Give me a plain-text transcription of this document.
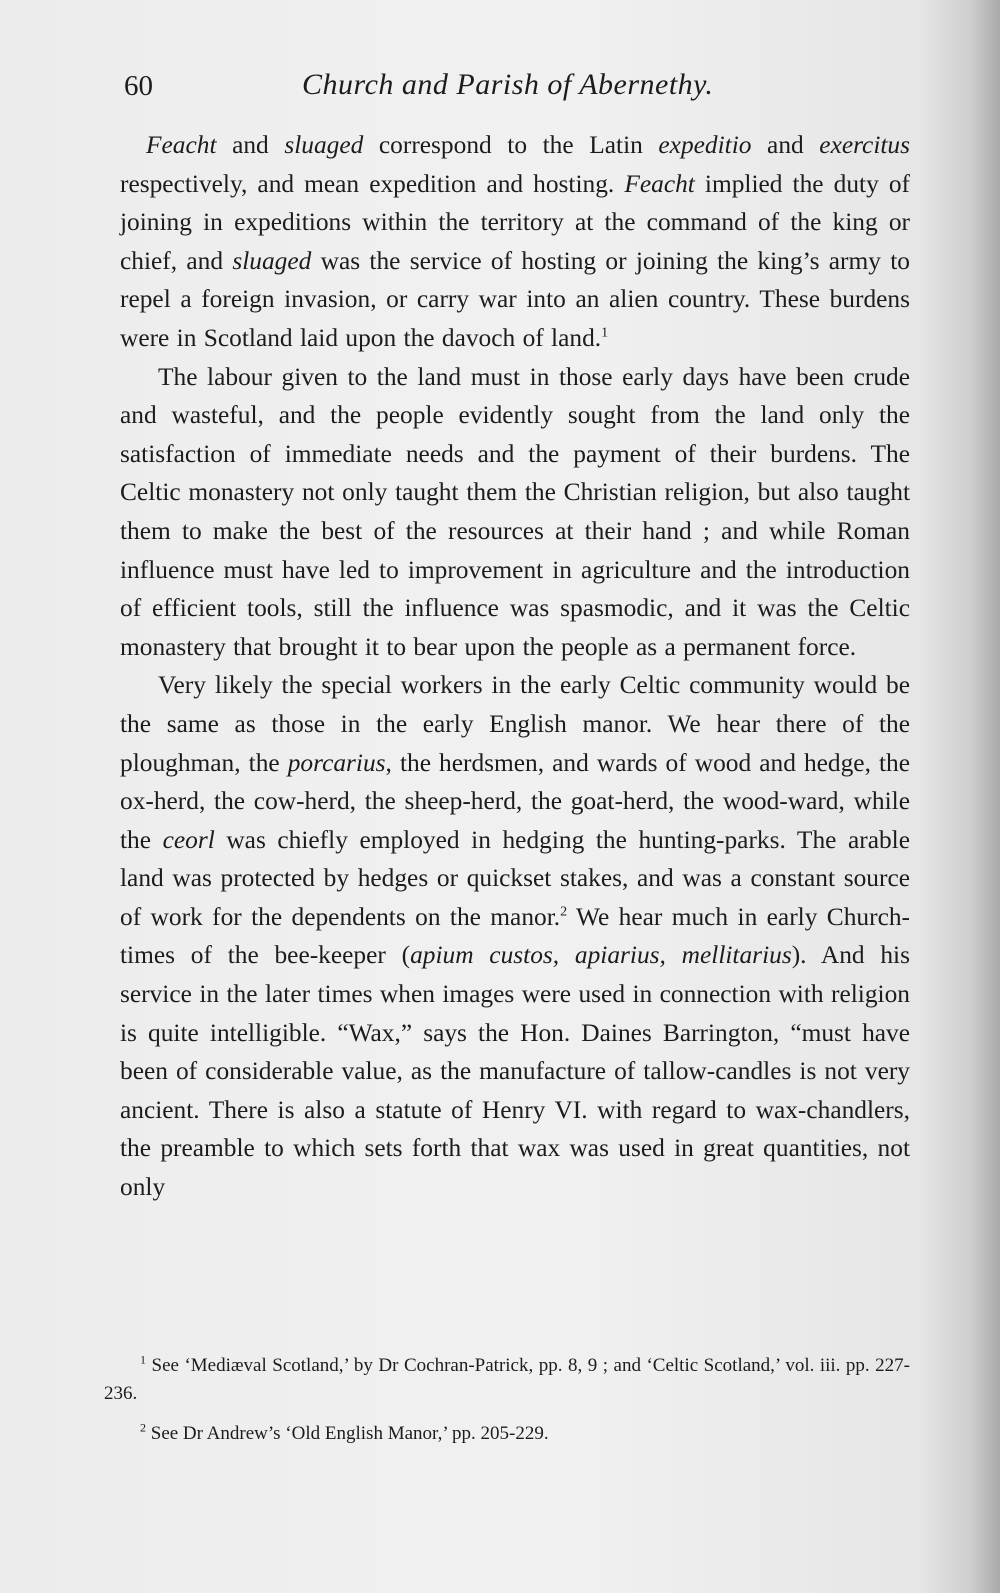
60	Church and Parish of Abernethy.

Feacht and sluaged correspond to the Latin expeditio and exercitus respectively, and mean expedition and hosting. Feacht implied the duty of joining in expeditions within the territory at the command of the king or chief, and sluaged was the service of hosting or joining the king’s army to repel a foreign invasion, or carry war into an alien country. These burdens were in Scotland laid upon the davoch of land.$^1$

The labour given to the land must in those early days have been crude and wasteful, and the people evidently sought from the land only the satisfaction of immediate needs and the payment of their burdens. The Celtic monastery not only taught them the Christian religion, but also taught them to make the best of the resources at their hand ; and while Roman influence must have led to improvement in agriculture and the introduction of efficient tools, still the influence was spasmodic, and it was the Celtic monastery that brought it to bear upon the people as a permanent force.

Very likely the special workers in the early Celtic community would be the same as those in the early English manor. We hear there of the ploughman, the porcarius, the herdsmen, and wards of wood and hedge, the ox-herd, the cow-herd, the sheep-herd, the goat-herd, the wood-ward, while the ceorl was chiefly employed in hedging the hunting-parks. The arable land was protected by hedges or quickset stakes, and was a constant source of work for the dependents on the manor.$^2$ We hear much in early Church-times of the bee-keeper (apium custos, apiarius, mellitarius). And his service in the later times when images were used in connection with religion is quite intelligible. “Wax,” says the Hon. Daines Barrington, “must have been of considerable value, as the manufacture of tallow-candles is not very ancient. There is also a statute of Henry VI. with regard to wax-chandlers, the preamble to which sets forth that wax was used in great quantities, not only

$^1$ See ‘Mediæval Scotland,’ by Dr Cochran-Patrick, pp. 8, 9 ; and ‘Celtic Scotland,’ vol. iii. pp. 227-236.

$^2$ See Dr Andrew’s ‘Old English Manor,’ pp. 205-229.
